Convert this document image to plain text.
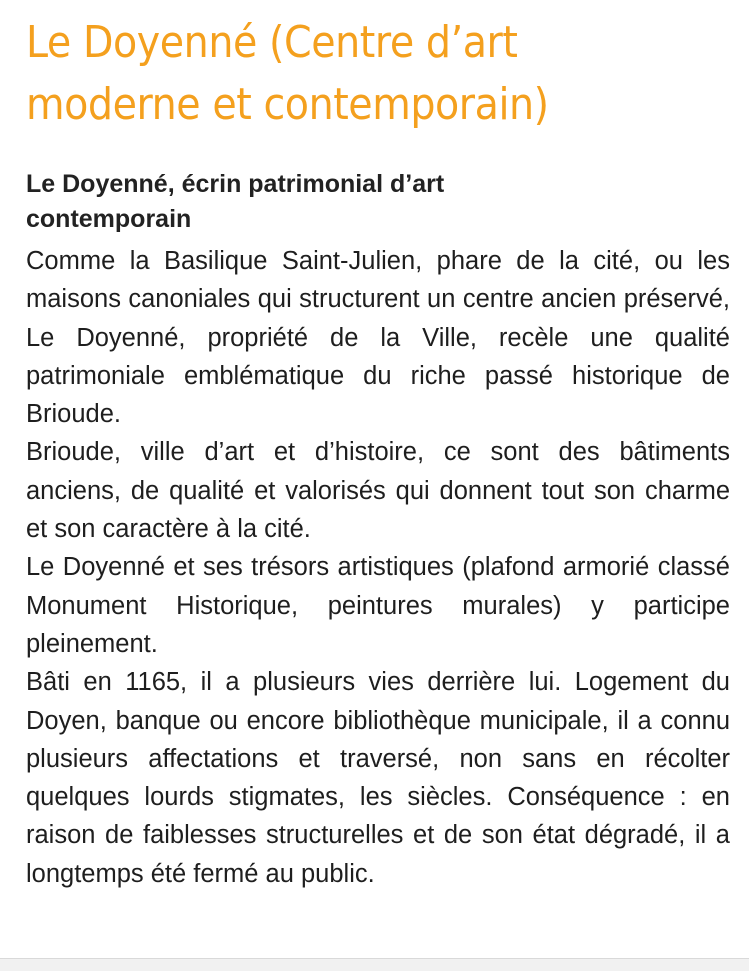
Le Doyenné (Centre d’art moderne et contemporain)
Le Doyenné, écrin patrimonial d’art contemporain

Comme la Basilique Saint-Julien, phare de la cité, ou les maisons canoniales qui structurent un centre ancien préservé, Le Doyenné, propriété de la Ville, recèle une qualité patrimoniale emblématique du riche passé historique de Brioude.

Brioude, ville d’art et d’histoire, ce sont des bâtiments anciens, de qualité et valorisés qui donnent tout son charme et son caractère à la cité.

Le Doyenné et ses trésors artistiques (plafond armorié classé Monument Historique, peintures murales) y participe pleinement.

Bâti en 1165, il a plusieurs vies derrière lui. Logement du Doyen, banque ou encore bibliothèque municipale, il a connu plusieurs affectations et traversé, non sans en récolter quelques lourds stigmates, les siècles. Conséquence : en raison de faiblesses structurelles et de son état dégradé, il a longtemps été fermé au public.
